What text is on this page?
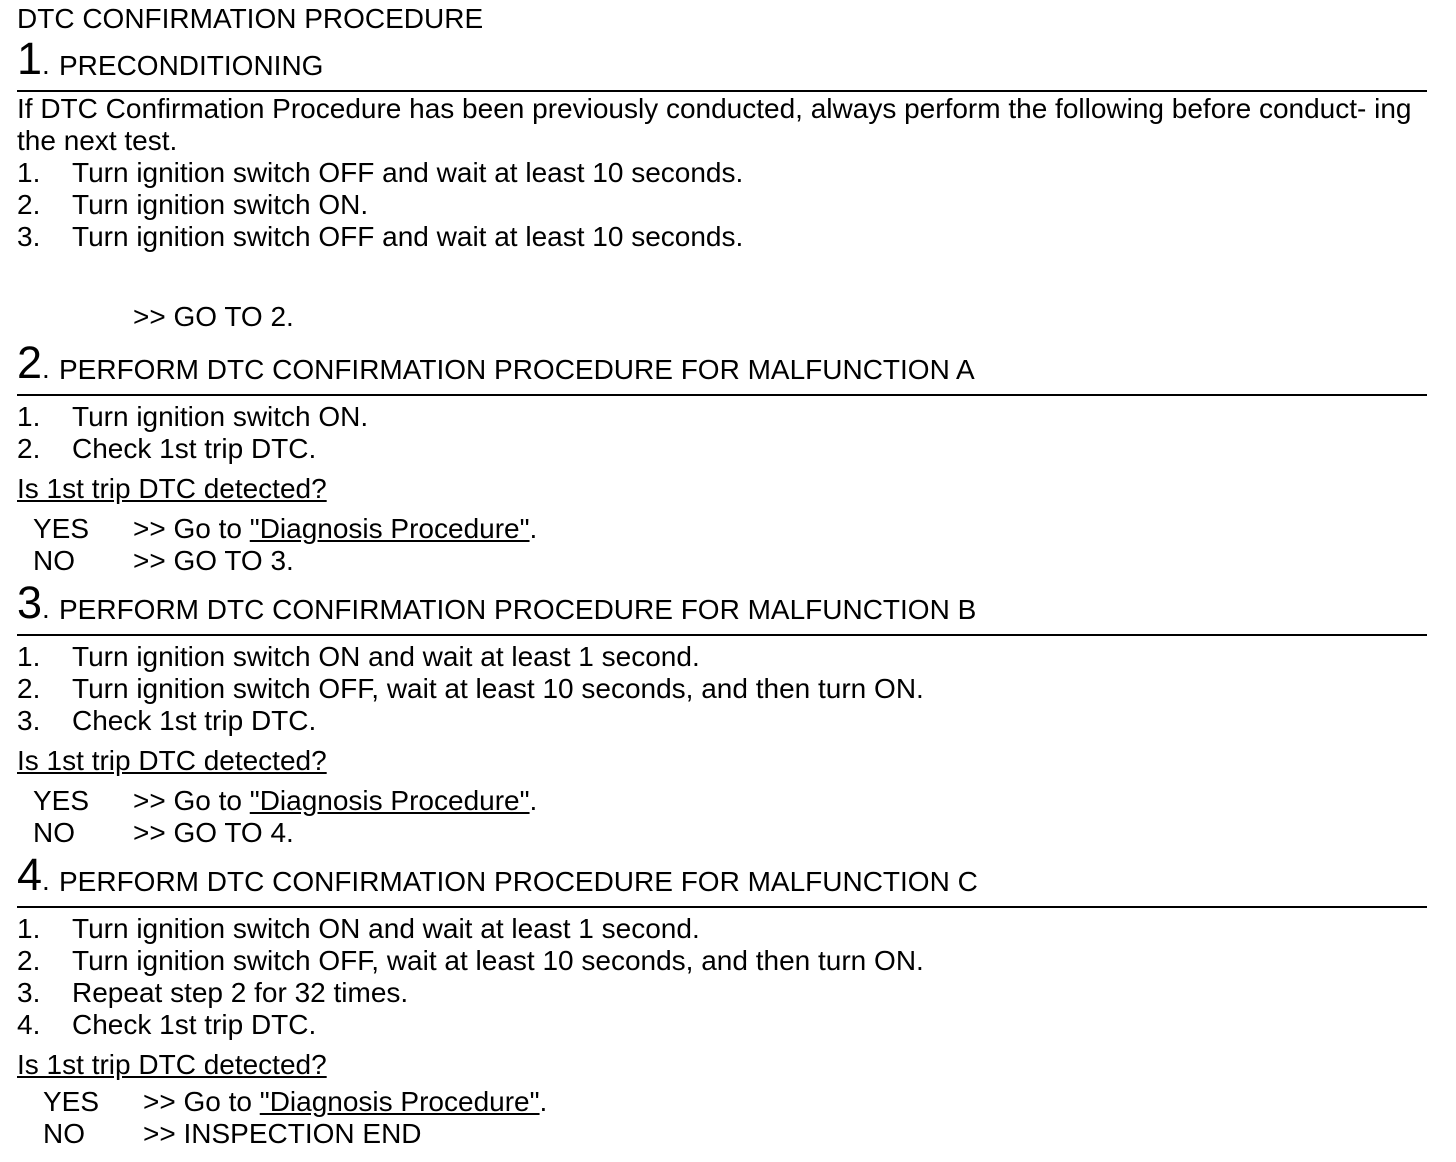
DTC CONFIRMATION PROCEDURE
1. PRECONDITIONING

If DTC Confirmation Procedure has been previously conducted, always perform the following before conduct- ing the next test.

1. Turn ignition switch OFF and wait at least 10 seconds.
2. Turn ignition switch ON.
3. Turn ignition switch OFF and wait at least 10 seconds.
>> GO TO 2.
2. PERFORM DTC CONFIRMATION PROCEDURE FOR MALFUNCTION A
1. Turn ignition switch ON.
2. Check 1st trip DTC.
Is 1st trip DTC detected?
YES >> Go to "Diagnosis Procedure".
NO >> GO TO 3.
3. PERFORM DTC CONFIRMATION PROCEDURE FOR MALFUNCTION B
1. Turn ignition switch ON and wait at least 1 second.
2. Turn ignition switch OFF, wait at least 10 seconds, and then turn ON.
3. Check 1st trip DTC.
Is 1st trip DTC detected?
YES >> Go to "Diagnosis Procedure".
NO >> GO TO 4.
4. PERFORM DTC CONFIRMATION PROCEDURE FOR MALFUNCTION C
1. Turn ignition switch ON and wait at least 1 second.
2. Turn ignition switch OFF, wait at least 10 seconds, and then turn ON.
3. Repeat step 2 for 32 times.
4. Check 1st trip DTC.
Is 1st trip DTC detected?
YES >> Go to "Diagnosis Procedure".
NO >> INSPECTION END
